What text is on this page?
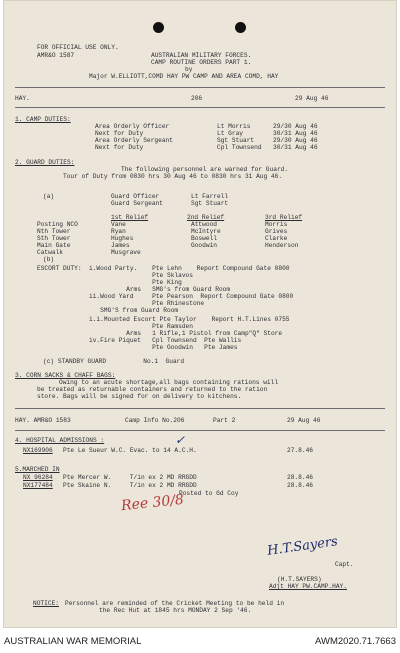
FOR OFFICIAL USE ONLY.
AMR&O 1587	AUSTRALIAN MILITARY FORCES.
CAMP ROUTINE ORDERS PART 1.
by
Major W.ELLIOTT,COMD HAY PW CAMP AND AREA COMD, HAY
HAY.	206	29 Aug 46
1. CAMP DUTIES:
Area Orderly Officer	Lt Morris	29/30 Aug 46
Next for Duty	Lt Gray	30/31 Aug 46
Area Orderly Sergeant	Sgt Stuart	29/30 Aug 46
Next for Duty	Cpl Townsend 30/31 Aug 46
2. GUARD DUTIES:
The following personnel are warned for Guard.
Tour of Duty from 0830 hrs 30 Aug 46 to 0830 hrs 31 Aug 46.
(a)	Guard Officer	Lt Farrell
Guard Sergeant	Sgt Stuart
1st Relief	2nd Relief	3rd Relief
Posting NCO	Vane	Attwood	Morris
Nth Tower	Ryan	McIntyre	Grives
Sth Tower	Hughes	Boswell	Clarke
Main Gate	James	Goodwin	Henderson
Catwalk	Musgrave
(b)
ESCORT DUTY: i.Wood Party.    Pte Lehn    Report Compound Gate 0800
Pte Sklavos
Pte King
Arms   SMG's from Guard Room
ii.Wood Yard     Pte Pearson  Report Compound Gate 0800
Pte Rhinestone
SMG'S from Guard Room
i.i.Mounted Escort Pte Taylor    Report H.T.Lines 0755
Pte Ramsden
Arms   1 Rifle,1 Pistol from Camp"Q" Store
iv.Fire Piquet   Cpl Townsend  Pte Wallis
Pte Goodwin   Pte James
(c) STANDBY GUARD          No.1  Guard
3. CORN SACKS & CHAFF BAGS:
Owing to an acute shortage,all bags containing rations will
be treated as returnable containers and returned to the ration
store. Bags will be signed for on delivery to kitchens.
HAY. AMR&O 1583	Camp Info No.206	Part 2	29 Aug 46
4. HOSPITAL ADMISSIONS :	✓
NX169906 Pte Le Sueur W.C. Evac. to 14 A.C.H.	27.8.46
5.MARCHED IN
NX 96284 Pte Mercer W.     T/in ex 2 MD RRGDD	28.8.46
NX177484 Pte Skaine N.     T/in ex 2 MD RRGDD	28.8.46
Posted to Gd Coy
Ree 30/8
H.T.Sayers
Capt.
(H.T.SAYERS)
Adjt HAY PW.CAMP.HAY.
NOTICE: Personnel are reminded of the Cricket Meeting to be held in
the Rec Hut at 1845 hrs MONDAY 2 Sep '46.
AUSTRALIAN WAR MEMORIAL	AWM2020.71.7663
